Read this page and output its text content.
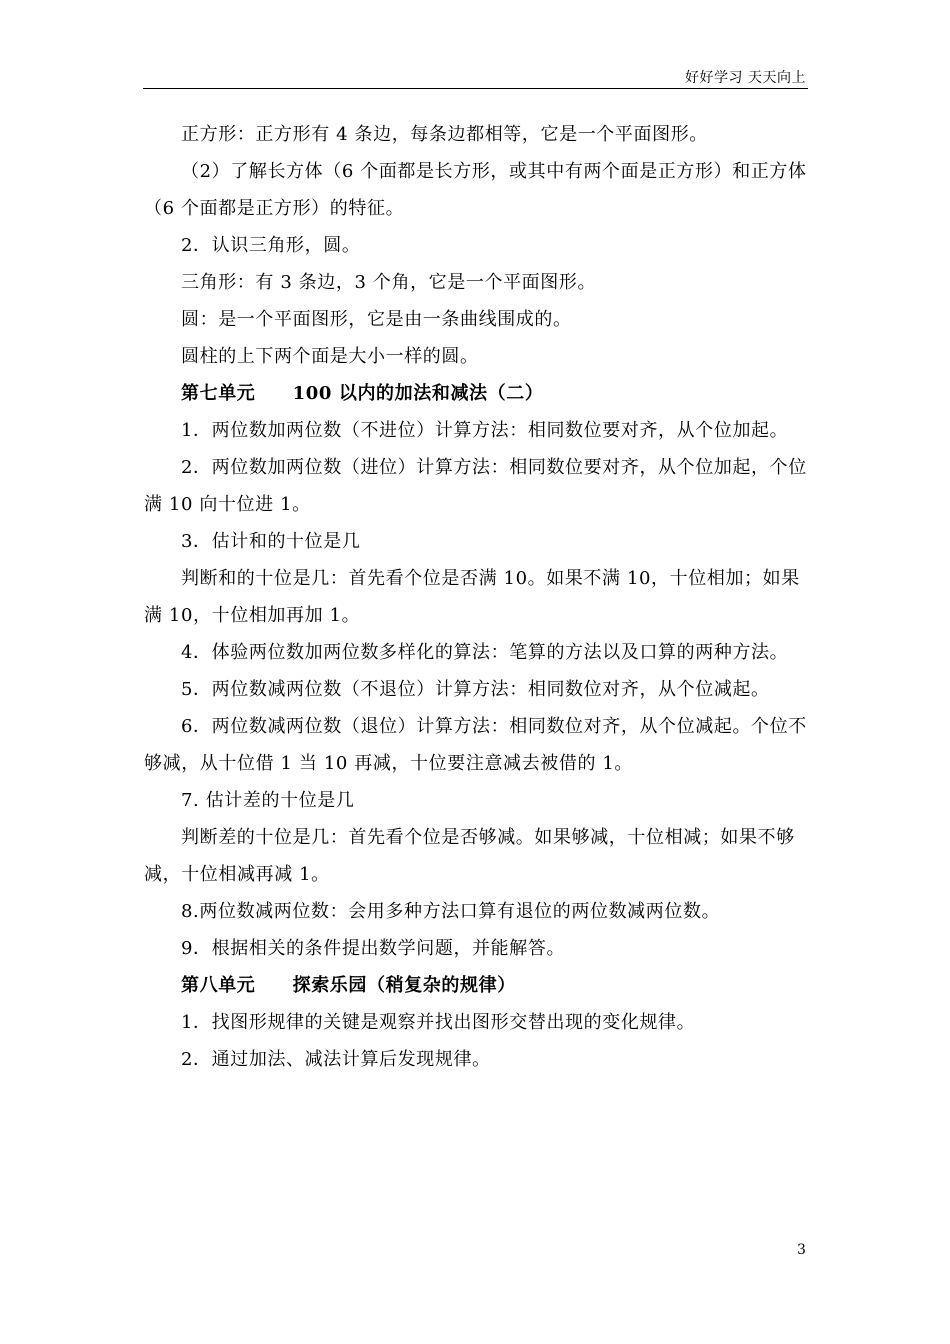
好好学习 天天向上

正方形：正方形有 4 条边，每条边都相等，它是一个平面图形。

（2）了解长方体（6 个面都是长方形，或其中有两个面是正方形）和正方体（6 个面都是正方形）的特征。

2．认识三角形，圆。

三角形：有 3 条边，3 个角，它是一个平面图形。

圆：是一个平面图形，它是由一条曲线围成的。

圆柱的上下两个面是大小一样的圆。

第七单元　　100 以内的加法和减法（二）

1．两位数加两位数（不进位）计算方法：相同数位要对齐，从个位加起。

2．两位数加两位数（进位）计算方法：相同数位要对齐，从个位加起，个位满 10 向十位进 1。

3．估计和的十位是几

判断和的十位是几：首先看个位是否满 10。如果不满 10，十位相加；如果满 10，十位相加再加 1。

4．体验两位数加两位数多样化的算法：笔算的方法以及口算的两种方法。

5．两位数减两位数（不退位）计算方法：相同数位对齐，从个位减起。

6．两位数减两位数（退位）计算方法：相同数位对齐，从个位减起。个位不够减，从十位借 1 当 10 再减，十位要注意减去被借的 1。

7. 估计差的十位是几

判断差的十位是几：首先看个位是否够减。如果够减，十位相减；如果不够减，十位相减再减 1。

8.两位数减两位数：会用多种方法口算有退位的两位数减两位数。

9．根据相关的条件提出数学问题，并能解答。

第八单元　　探索乐园（稍复杂的规律）

1．找图形规律的关键是观察并找出图形交替出现的变化规律。

2．通过加法、减法计算后发现规律。

3
